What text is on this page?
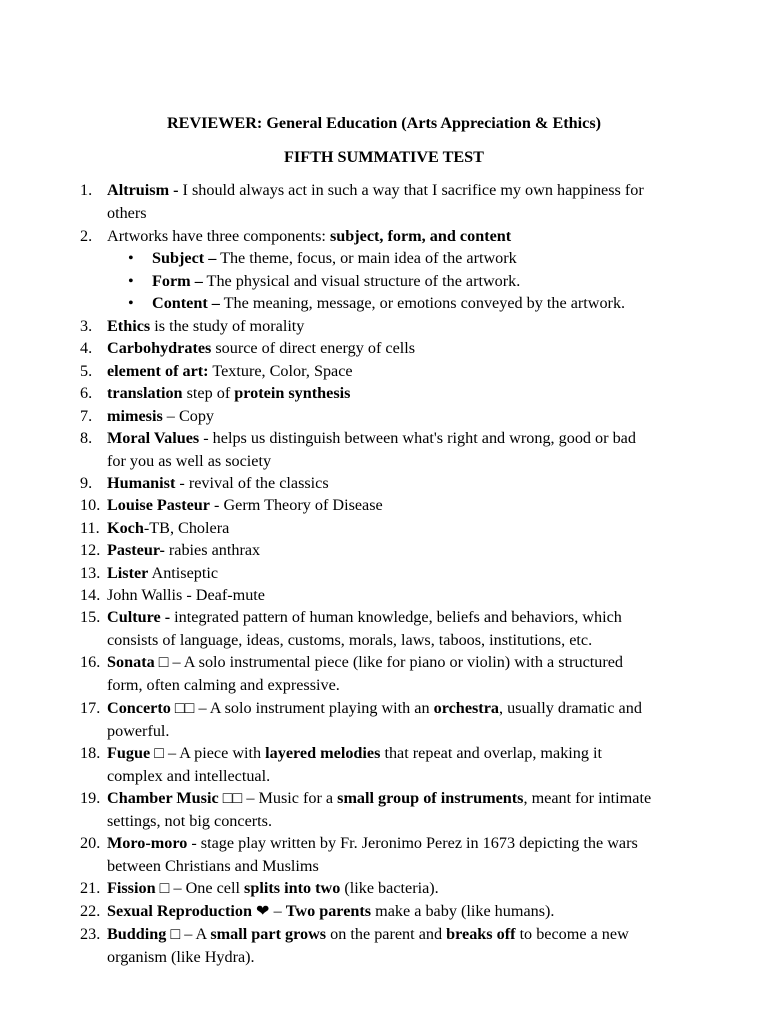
REVIEWER: General Education (Arts Appreciation & Ethics)
FIFTH SUMMATIVE TEST
1. Altruism - I should always act in such a way that I sacrifice my own happiness for
others
2. Artworks have three components: subject, form, and content
3. Ethics is the study of morality
4. Carbohydrates source of direct energy of cells
5. element of art: Texture, Color, Space
6. translation step of protein synthesis
7. mimesis – Copy
8. Moral Values - helps us distinguish between what's right and wrong, good or bad
for you as well as society
9. Humanist - revival of the classics
10. Louise Pasteur - Germ Theory of Disease
11. Koch-TB, Cholera
12. Pasteur- rabies anthrax
13. Lister Antiseptic
14. John Wallis - Deaf-mute
15. Culture - integrated pattern of human knowledge, beliefs and behaviors, which
consists of language, ideas, customs, morals, laws, taboos, institutions, etc.
16. Sonata □ – A solo instrumental piece (like for piano or violin) with a structured
form, often calming and expressive.
17. Concerto □□ – A solo instrument playing with an orchestra, usually dramatic and
powerful.
18. Fugue □ – A piece with layered melodies that repeat and overlap, making it
complex and intellectual.
19. Chamber Music □□ – Music for a small group of instruments, meant for intimate
settings, not big concerts.
20. Moro-moro - stage play written by Fr. Jeronimo Perez in 1673 depicting the wars
between Christians and Muslims
21. Fission □ – One cell splits into two (like bacteria).
22. Sexual Reproduction ❤ – Two parents make a baby (like humans).
23. Budding □ – A small part grows on the parent and breaks off to become a new
organism (like Hydra).
• Subject – The theme, focus, or main idea of the artwork
• Form – The physical and visual structure of the artwork.
• Content – The meaning, message, or emotions conveyed by the artwork.
